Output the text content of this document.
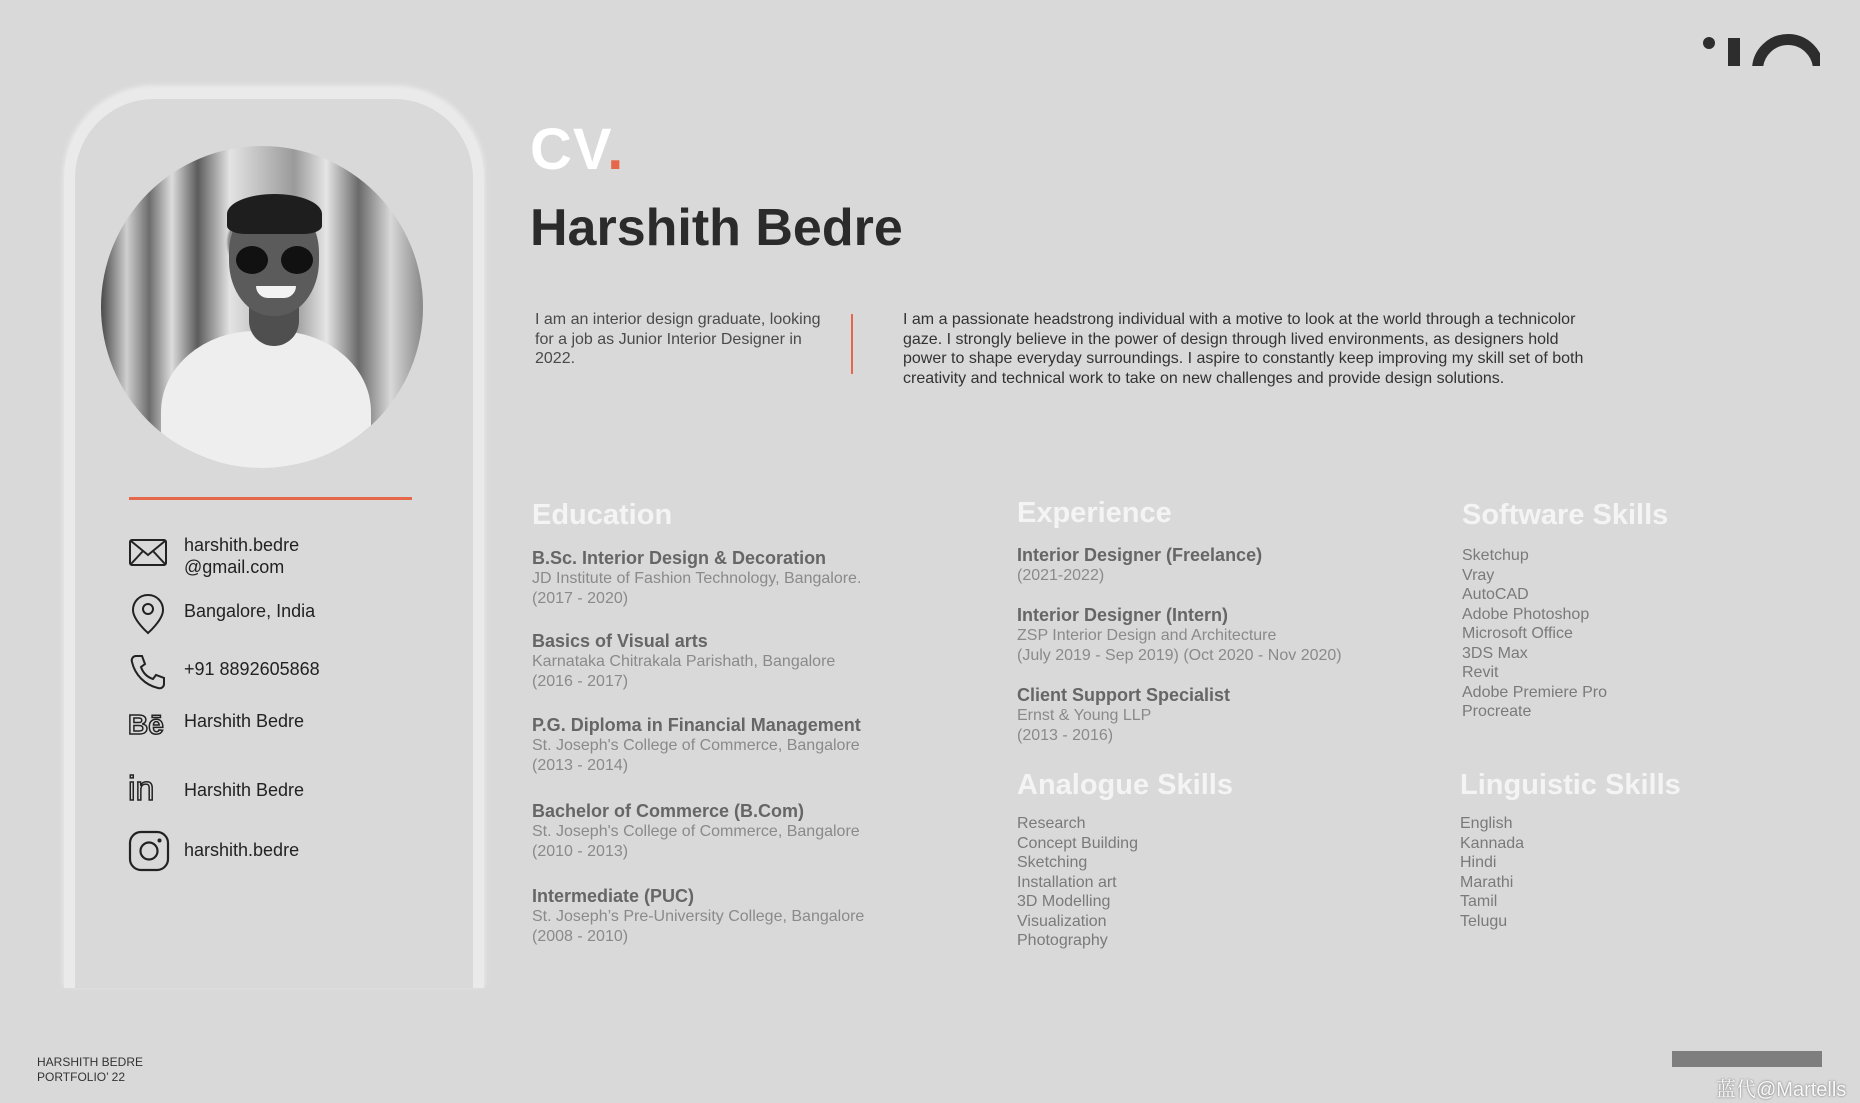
harshith.bedre
@gmail.com
Bangalore, India
+91 8892605868
Bē Harshith Bedre
in Harshith Bedre
harshith.bedre
CV.
Harshith Bedre
I am an interior design graduate, looking for a job as Junior Interior Designer in 2022.
I am a passionate headstrong individual with a motive to look at the world through a technicolor gaze. I strongly believe in the power of design through lived environments, as designers hold power to shape everyday surroundings. I aspire to constantly keep improving my skill set of both creativity and technical work to take on new challenges and provide design solutions.
Education
B.Sc. Interior Design & Decoration
JD Institute of Fashion Technology, Bangalore.
(2017 - 2020)
Basics of Visual arts
Karnataka Chitrakala Parishath, Bangalore
(2016 - 2017)
P.G. Diploma in Financial Management
St. Joseph's College of Commerce, Bangalore
(2013 - 2014)
Bachelor of Commerce (B.Com)
St. Joseph's College of Commerce, Bangalore
(2010 - 2013)
Intermediate (PUC)
St. Joseph’s Pre-University College, Bangalore
(2008 - 2010)
Experience
Interior Designer (Freelance)
(2021-2022)
Interior Designer (Intern)
ZSP Interior Design and Architecture
(July 2019 - Sep 2019) (Oct 2020 - Nov 2020)
Client Support Specialist
Ernst & Young LLP
(2013 - 2016)
Analogue Skills
Research
Concept Building
Sketching
Installation art
3D Modelling
Visualization
Photography
Software Skills
Sketchup
Vray
AutoCAD
Adobe Photoshop
Microsoft Office
3DS Max
Revit
Adobe Premiere Pro
Procreate
Linguistic Skills
English
Kannada
Hindi
Marathi
Tamil
Telugu
HARSHITH BEDRE
PORTFOLIO’ 22
蓝代@Martells
